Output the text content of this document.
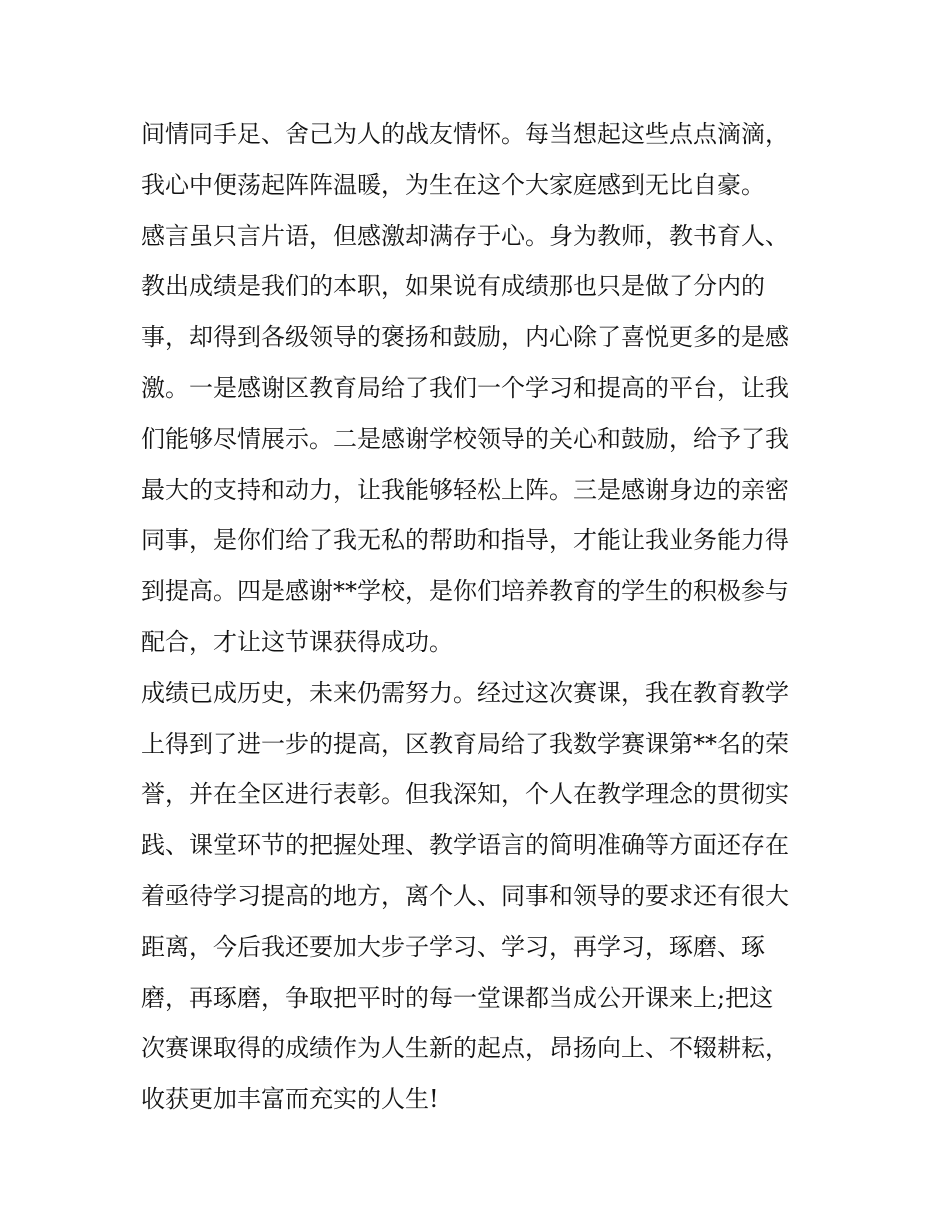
间情同手足、舍己为人的战友情怀。每当想起这些点点滴滴，
我心中便荡起阵阵温暖，为生在这个大家庭感到无比自豪。
感言虽只言片语，但感激却满存于心。身为教师，教书育人、
教出成绩是我们的本职，如果说有成绩那也只是做了分内的
事，却得到各级领导的褒扬和鼓励，内心除了喜悦更多的是感
激。一是感谢区教育局给了我们一个学习和提高的平台，让我
们能够尽情展示。二是感谢学校领导的关心和鼓励，给予了我
最大的支持和动力，让我能够轻松上阵。三是感谢身边的亲密
同事，是你们给了我无私的帮助和指导，才能让我业务能力得
到提高。四是感谢**学校，是你们培养教育的学生的积极参与
配合，才让这节课获得成功。
成绩已成历史，未来仍需努力。经过这次赛课，我在教育教学
上得到了进一步的提高，区教育局给了我数学赛课第**名的荣
誉，并在全区进行表彰。但我深知，个人在教学理念的贯彻实
践、课堂环节的把握处理、教学语言的简明准确等方面还存在
着亟待学习提高的地方，离个人、同事和领导的要求还有很大
距离，今后我还要加大步子学习、学习，再学习，琢磨、琢
磨，再琢磨，争取把平时的每一堂课都当成公开课来上;把这
次赛课取得的成绩作为人生新的起点，昂扬向上、不辍耕耘，
收获更加丰富而充实的人生!
